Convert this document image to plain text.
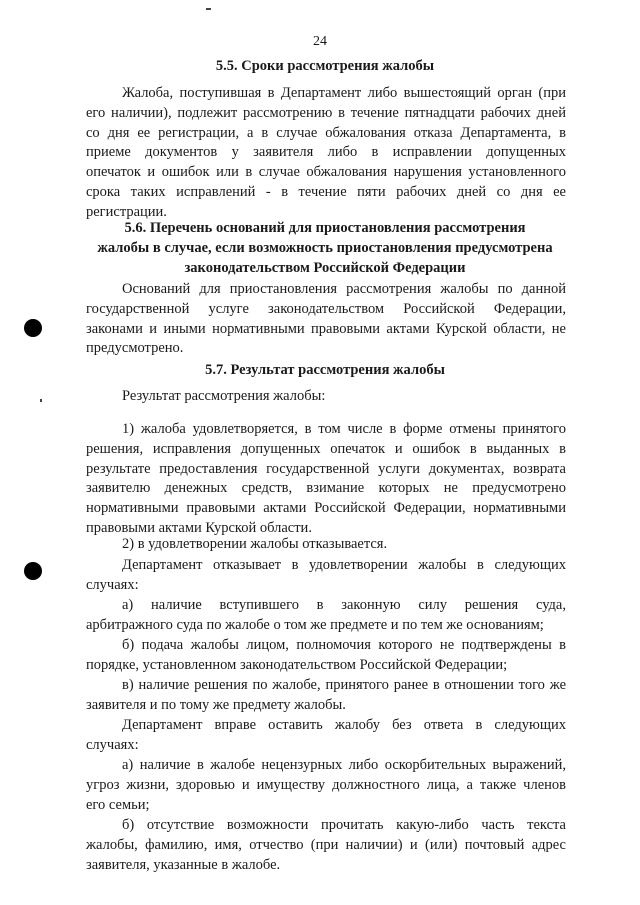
24
5.5. Сроки рассмотрения жалобы
Жалоба, поступившая в Департамент либо вышестоящий орган (при
его наличии), подлежит рассмотрению в течение пятнадцати рабочих дней
со дня ее регистрации, а в случае обжалования отказа Департамента, в
приеме документов у заявителя либо в исправлении допущенных
опечаток и ошибок или в случае обжалования нарушения установленного
срока таких исправлений - в течение пяти рабочих дней со дня ее
регистрации.
5.6. Перечень оснований для приостановления рассмотрения
жалобы в случае, если возможность приостановления предусмотрена
законодательством Российской Федерации
Оснований для приостановления рассмотрения жалобы по данной
государственной услуге законодательством Российской Федерации,
законами и иными нормативными правовыми актами Курской области, не
предусмотрено.
5.7. Результат рассмотрения жалобы
Результат рассмотрения жалобы:
1) жалоба удовлетворяется, в том числе в форме отмены принятого
решения, исправления допущенных опечаток и ошибок в выданных в
результате предоставления государственной услуги документах, возврата
заявителю денежных средств, взимание которых не предусмотрено
нормативными правовыми актами Российской Федерации, нормативными
правовыми актами Курской области.
2) в удовлетворении жалобы отказывается.
Департамент отказывает в удовлетворении жалобы в следующих
случаях:
а) наличие вступившего в законную силу решения суда,
арбитражного суда по жалобе о том же предмете и по тем же основаниям;
б) подача жалобы лицом, полномочия которого не подтверждены в
порядке, установленном законодательством Российской Федерации;
в) наличие решения по жалобе, принятого ранее в отношении того же
заявителя и по тому же предмету жалобы.
Департамент вправе оставить жалобу без ответа в следующих
случаях:
а) наличие в жалобе нецензурных либо оскорбительных выражений,
угроз жизни, здоровью и имуществу должностного лица, а также членов
его семьи;
б) отсутствие возможности прочитать какую-либо часть текста
жалобы, фамилию, имя, отчество (при наличии) и (или) почтовый адрес
заявителя, указанные в жалобе.
